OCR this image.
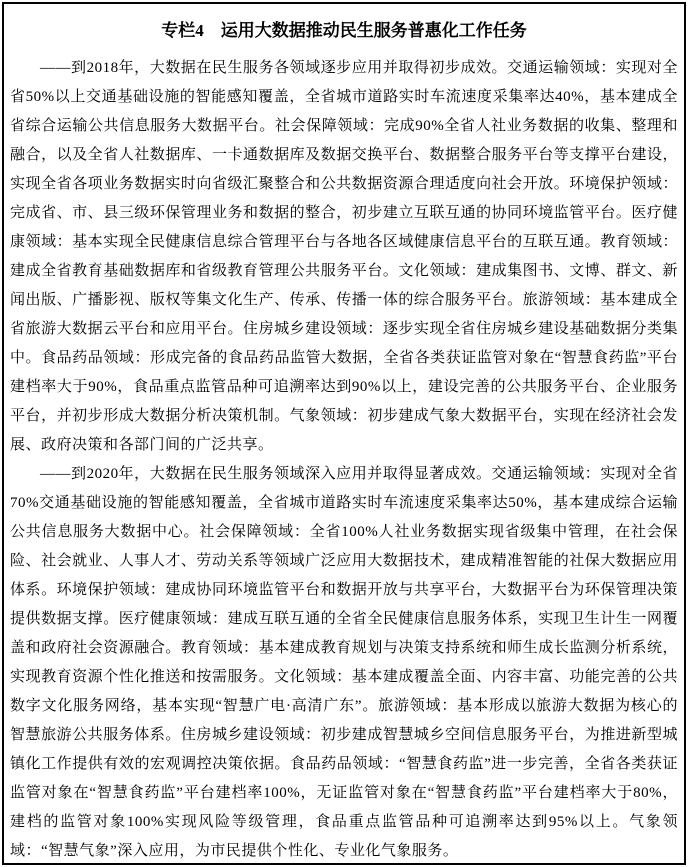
专栏4　运用大数据推动民生服务普惠化工作任务

——到2018年，大数据在民生服务各领域逐步应用并取得初步成效。交通运输领域：实现对全省50%以上交通基础设施的智能感知覆盖，全省城市道路实时车流速度采集率达40%，基本建成全省综合运输公共信息服务大数据平台。社会保障领域：完成90%全省人社业务数据的收集、整理和融合，以及全省人社数据库、一卡通数据库及数据交换平台、数据整合服务平台等支撑平台建设，实现全省各项业务数据实时向省级汇聚整合和公共数据资源合理适度向社会开放。环境保护领域：完成省、市、县三级环保管理业务和数据的整合，初步建立互联互通的协同环境监管平台。医疗健康领域：基本实现全民健康信息综合管理平台与各地各区域健康信息平台的互联互通。教育领域：建成全省教育基础数据库和省级教育管理公共服务平台。文化领域：建成集图书、文博、群文、新闻出版、广播影视、版权等集文化生产、传承、传播一体的综合服务平台。旅游领域：基本建成全省旅游大数据云平台和应用平台。住房城乡建设领域：逐步实现全省住房城乡建设基础数据分类集中。食品药品领域：形成完备的食品药品监管大数据，全省各类获证监管对象在“智慧食药监”平台建档率大于90%，食品重点监管品种可追溯率达到90%以上，建设完善的公共服务平台、企业服务平台，并初步形成大数据分析决策机制。气象领域：初步建成气象大数据平台，实现在经济社会发展、政府决策和各部门间的广泛共享。

——到2020年，大数据在民生服务领域深入应用并取得显著成效。交通运输领域：实现对全省70%交通基础设施的智能感知覆盖，全省城市道路实时车流速度采集率达50%，基本建成综合运输公共信息服务大数据中心。社会保障领域：全省100%人社业务数据实现省级集中管理，在社会保险、社会就业、人事人才、劳动关系等领域广泛应用大数据技术，建成精准智能的社保大数据应用体系。环境保护领域：建成协同环境监管平台和数据开放与共享平台，大数据平台为环保管理决策提供数据支撑。医疗健康领域：建成互联互通的全省全民健康信息服务体系，实现卫生计生一网覆盖和政府社会资源融合。教育领域：基本建成教育规划与决策支持系统和师生成长监测分析系统，实现教育资源个性化推送和按需服务。文化领域：基本建成覆盖全面、内容丰富、功能完善的公共数字文化服务网络，基本实现“智慧广电·高清广东”。旅游领域：基本形成以旅游大数据为核心的智慧旅游公共服务体系。住房城乡建设领域：初步建成智慧城乡空间信息服务平台，为推进新型城镇化工作提供有效的宏观调控决策依据。食品药品领域：“智慧食药监”进一步完善，全省各类获证监管对象在“智慧食药监”平台建档率100%，无证监管对象在“智慧食药监”平台建档率大于80%，建档的监管对象100%实现风险等级管理，食品重点监管品种可追溯率达到95%以上。气象领域：“智慧气象”深入应用，为市民提供个性化、专业化气象服务。
